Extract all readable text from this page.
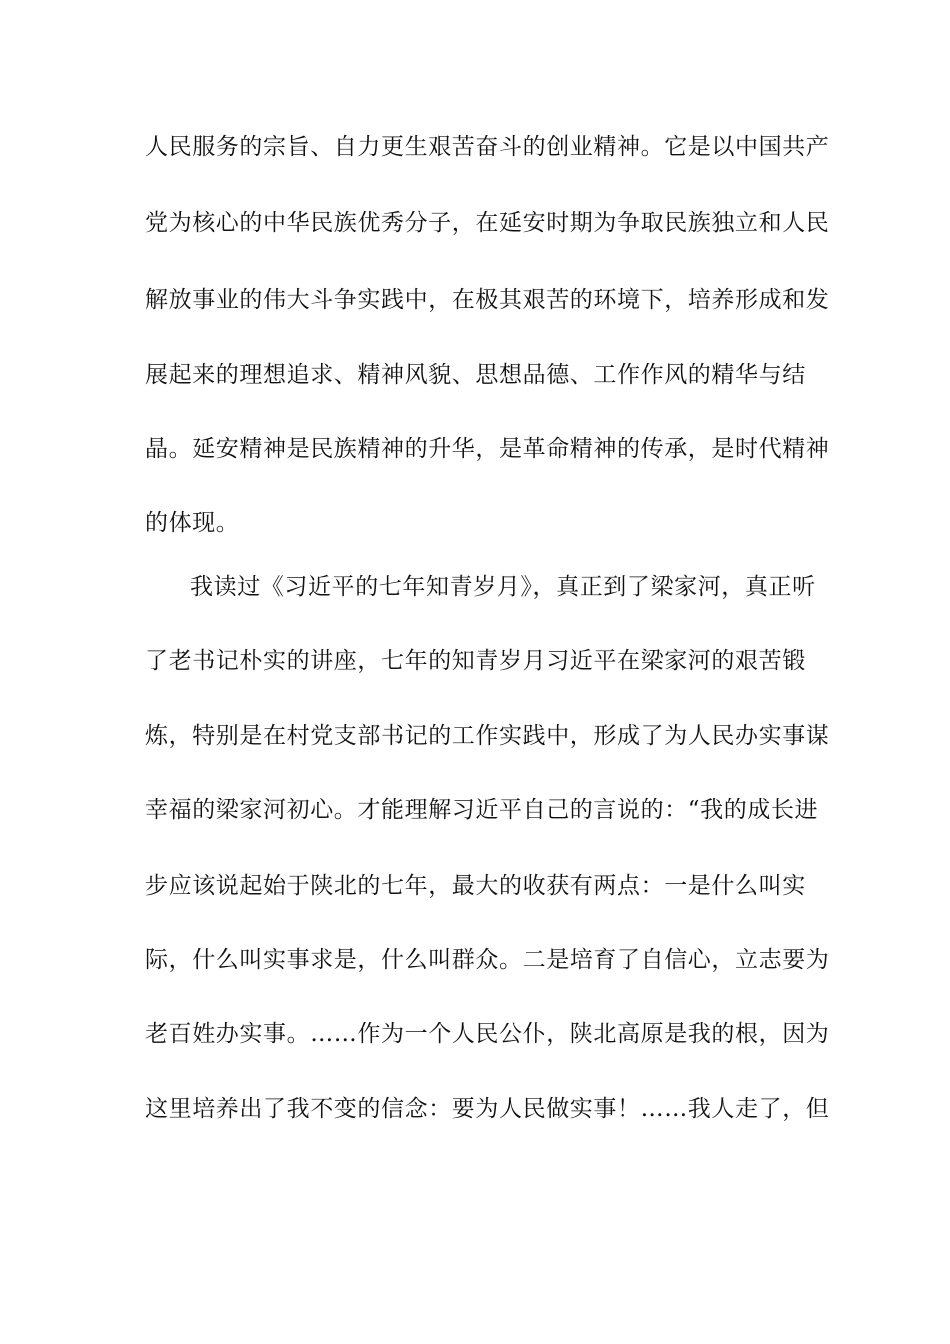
人民服务的宗旨、自力更生艰苦奋斗的创业精神。它是以中国共产
党为核心的中华民族优秀分子，在延安时期为争取民族独立和人民
解放事业的伟大斗争实践中，在极其艰苦的环境下，培养形成和发
展起来的理想追求、精神风貌、思想品德、工作作风的精华与结
晶。延安精神是民族精神的升华，是革命精神的传承，是时代精神
的体现。
我读过《习近平的七年知青岁月》，真正到了梁家河，真正听
了老书记朴实的讲座，七年的知青岁月习近平在梁家河的艰苦锻
炼，特别是在村党支部书记的工作实践中，形成了为人民办实事谋
幸福的梁家河初心。才能理解习近平自己的言说的：“我的成长进
步应该说起始于陕北的七年，最大的收获有两点：一是什么叫实
际，什么叫实事求是，什么叫群众。二是培育了自信心，立志要为
老百姓办实事。……作为一个人民公仆，陕北高原是我的根，因为
这里培养出了我不变的信念：要为人民做实事！……我人走了，但
